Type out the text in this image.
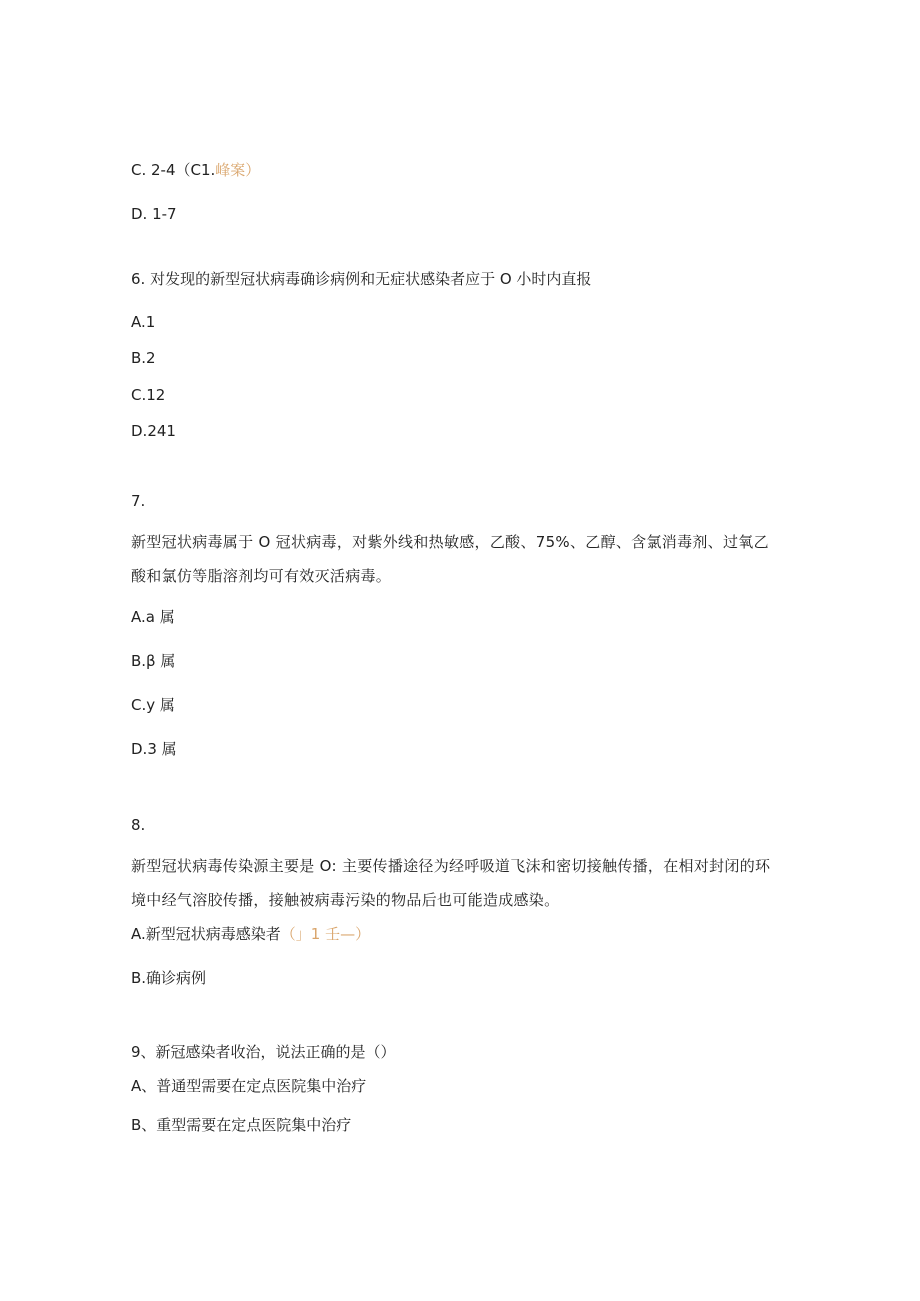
C. 2-4（C1.峰案）
D. 1-7
6. 对发现的新型冠状病毒确诊病例和无症状感染者应于 O 小时内直报
A.1
B.2
C.12
D.241
7.
新型冠状病毒属于 O 冠状病毒，对紫外线和热敏感，乙酸、75%、乙醇、含氯消毒剂、过氧乙酸和氯仿等脂溶剂均可有效灭活病毒。
A.a 属
B.β 属
C.y 属
D.3 属
8.
新型冠状病毒传染源主要是 O: 主要传播途径为经呼吸道飞沫和密切接触传播，在相对封闭的环境中经气溶胶传播，接触被病毒污染的物品后也可能造成感染。
A.新型冠状病毒感染者（」1 壬—）
B.确诊病例
9、新冠感染者收治，说法正确的是（）
A、普通型需要在定点医院集中治疗
B、重型需要在定点医院集中治疗
